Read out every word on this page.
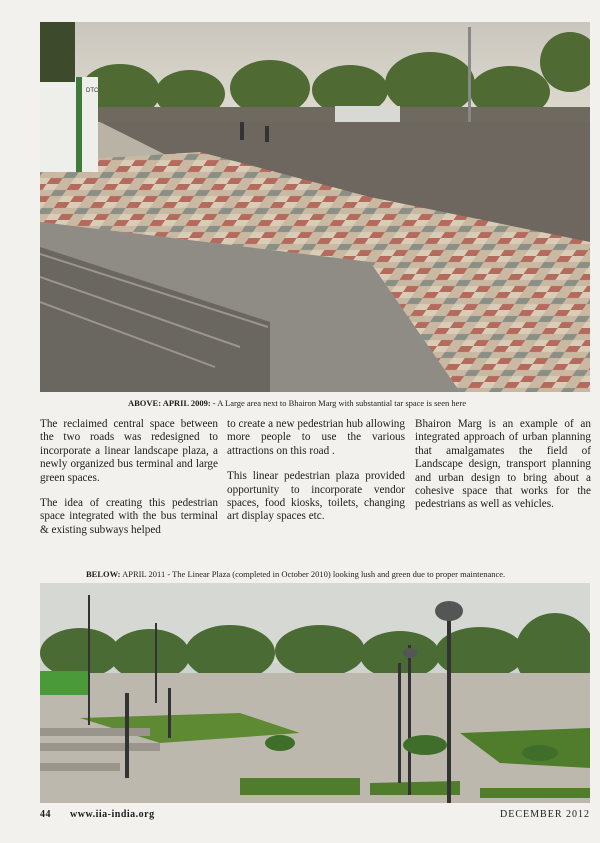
DTC
ABOVE: APRIL 2009: - A Large area next to Bhairon Marg with substantial tar space is seen here

The reclaimed central space between the two roads was redesigned to incorporate a linear landscape plaza, a newly organized bus terminal and large green spaces.

The idea of creating this pedestrian space integrated with the bus terminal & existing subways helped

to create a new pedestrian hub allowing more people to use the various attractions on this road .

This linear pedestrian plaza provided opportunity to incorporate vendor spaces, food kiosks, toilets, changing art display spaces etc.

Bhairon Marg is an example of an integrated approach of urban planning that amalgamates the field of Landscape design, transport planning and urban design to bring about a cohesive space that works for the pedestrians as well as vehicles.

BELOW: APRIL 2011 - The Linear Plaza (completed in October 2010) looking lush and green due to proper maintenance.
44 www.iia-india.org	DECEMBER 2012
